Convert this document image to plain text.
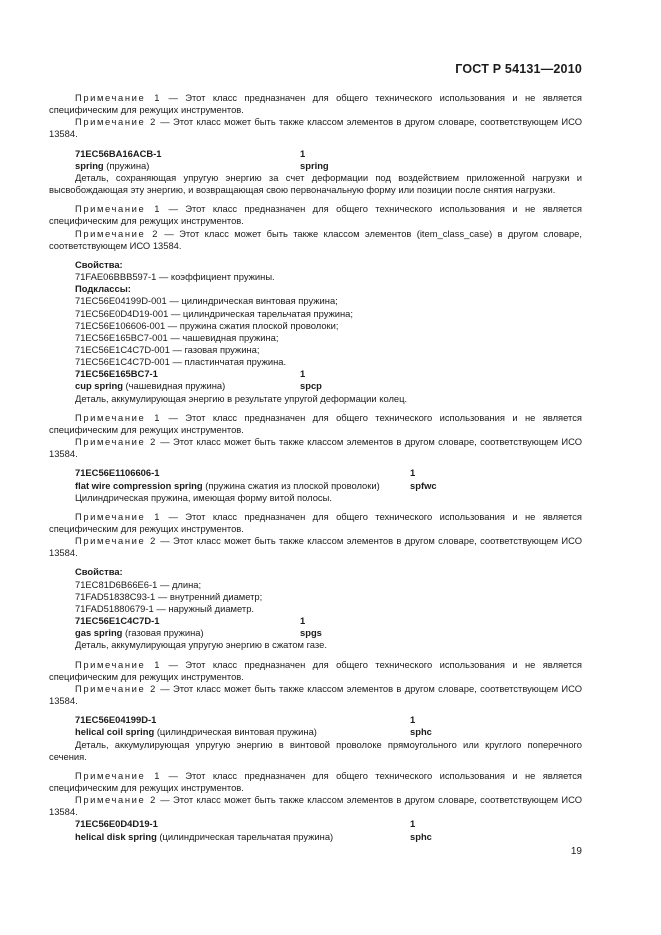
ГОСТ Р 54131—2010
Примечание 1 — Этот класс предназначен для общего технического использования и не является специфическим для режущих инструментов.
Примечание 2 — Этот класс может быть также классом элементов в другом словаре, соответствующем ИСО 13584.
71EC56BA16ACB-1	1
spring (пружина)	spring
Деталь, сохраняющая упругую энергию за счет деформации под воздействием приложенной нагрузки и высвобождающая эту энергию, и возвращающая свою первоначальную форму или позиции после снятия нагрузки.
Примечание 1 — Этот класс предназначен для общего технического использования и не является специфическим для режущих инструментов.
Примечание 2 — Этот класс может быть также классом элементов (item_class_case) в другом словаре, соответствующем ИСО 13584.
Свойства:
71FAE06BBB597-1 — коэффициент пружины.
Подклассы:
71EC56E04199D-001 — цилиндрическая винтовая пружина;
71EC56E0D4D19-001 — цилиндрическая тарельчатая пружина;
71EC56E106606-001 — пружина сжатия плоской проволоки;
71EC56E165BC7-001 — чашевидная пружина;
71EC56E1C4C7D-001 — газовая пружина;
71EC56E1C4C7D-001 — пластинчатая пружина.
71EC56E165BC7-1	1
cup spring (чашевидная пружина)	spcp
Деталь, аккумулирующая энергию в результате упругой деформации колец.
Примечание 1 — Этот класс предназначен для общего технического использования и не является специфическим для режущих инструментов.
Примечание 2 — Этот класс может быть также классом элементов в другом словаре, соответствующем ИСО 13584.
71EC56E1106606-1	1
flat wire compression spring (пружина сжатия из плоской проволоки)	spfwc
Цилиндрическая пружина, имеющая форму витой полосы.
Примечание 1 — Этот класс предназначен для общего технического использования и не является специфическим для режущих инструментов.
Примечание 2 — Этот класс может быть также классом элементов в другом словаре, соответствующем ИСО 13584.
Свойства:
71EC81D6B66E6-1 — длина;
71FAD51838C93-1 — внутренний диаметр;
71FAD51880679-1 — наружный диаметр.
71EC56E1C4C7D-1	1
gas spring (газовая пружина)	spgs
Деталь, аккумулирующая упругую энергию в сжатом газе.
Примечание 1 — Этот класс предназначен для общего технического использования и не является специфическим для режущих инструментов.
Примечание 2 — Этот класс может быть также классом элементов в другом словаре, соответствующем ИСО 13584.
71EC56E04199D-1	1
helical coil spring (цилиндрическая винтовая пружина)	sphc
Деталь, аккумулирующая упругую энергию в винтовой проволоке прямоугольного или круглого поперечного сечения.
Примечание 1 — Этот класс предназначен для общего технического использования и не является специфическим для режущих инструментов.
Примечание 2 — Этот класс может быть также классом элементов в другом словаре, соответствующем ИСО 13584.
71EC56E0D4D19-1	1
helical disk spring (цилиндрическая тарельчатая пружина)	sphc
19
